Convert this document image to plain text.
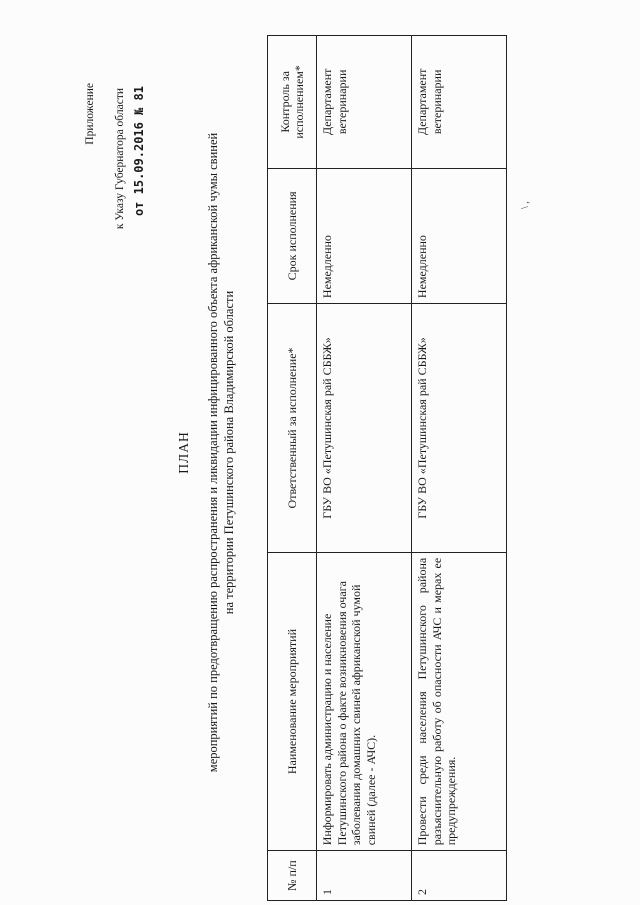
Приложение к Указу Губернатора области от 15.09.2016 № 81
ПЛАН мероприятий по предотвращению распространения и ликвидации инфицированного объекта африканской чумы свиней на территории Петушинского района Владимирской области
№ п/п	Наименование мероприятий	Ответственный за исполнение*	Срок исполнения	Контроль за исполнением*
1	Информировать администрацию и население Петушинского района о факте возникновения очага заболевания домашних свиней африканской чумой свиней (далее - АЧС).	ГБУ ВО «Петушинская рай СББЖ»	Немедленно	Департамент ветеринарии
2	Провести среди населения Петушинского района разъяснительную работу об опасности АЧС и мерах ее предупреждения.	ГБУ ВО «Петушинская рай СББЖ»	Немедленно	Департамент ветеринарии
\ ,
